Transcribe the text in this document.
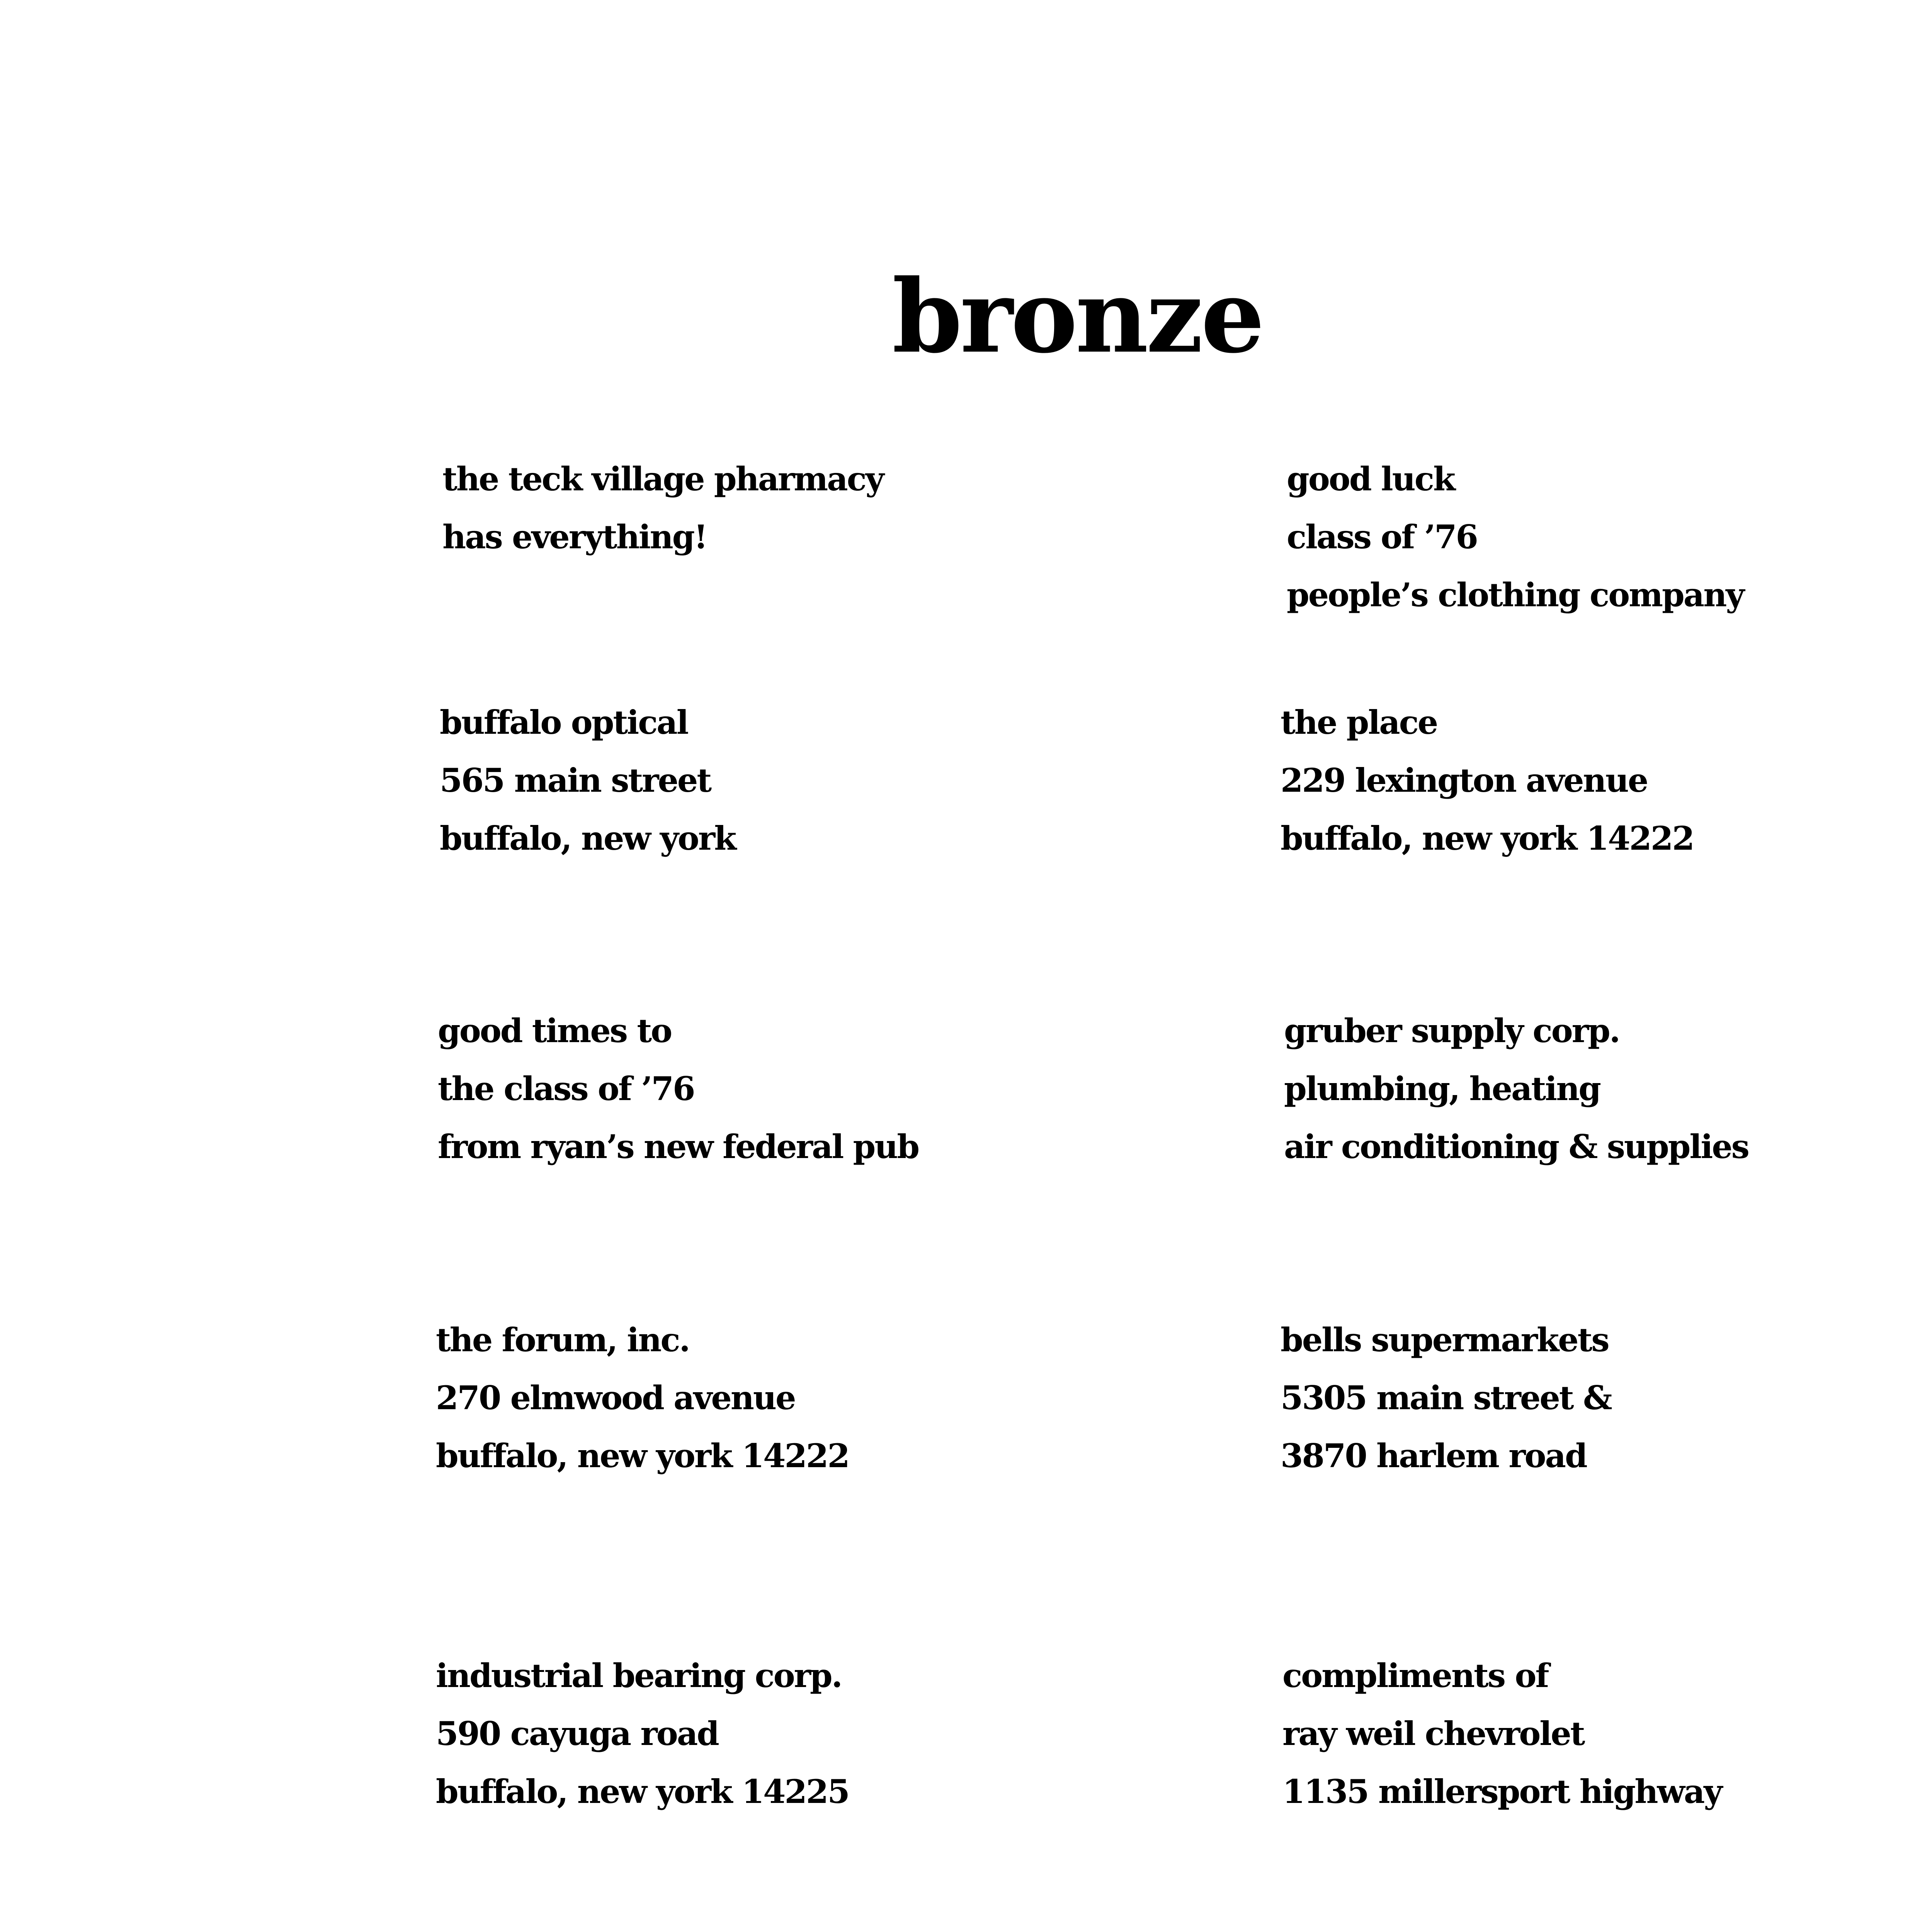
bronze
the teck village pharmacy
has everything!
good luck
class of ’76
people’s clothing company
buffalo optical
565 main street
buffalo, new york
the place
229 lexington avenue
buffalo, new york 14222
good times to
the class of ’76
from ryan’s new federal pub
gruber supply corp.
plumbing, heating
air conditioning & supplies
the forum, inc.
270 elmwood avenue
buffalo, new york 14222
bells supermarkets
5305 main street &
3870 harlem road
industrial bearing corp.
590 cayuga road
buffalo, new york 14225
compliments of
ray weil chevrolet
1135 millersport highway
